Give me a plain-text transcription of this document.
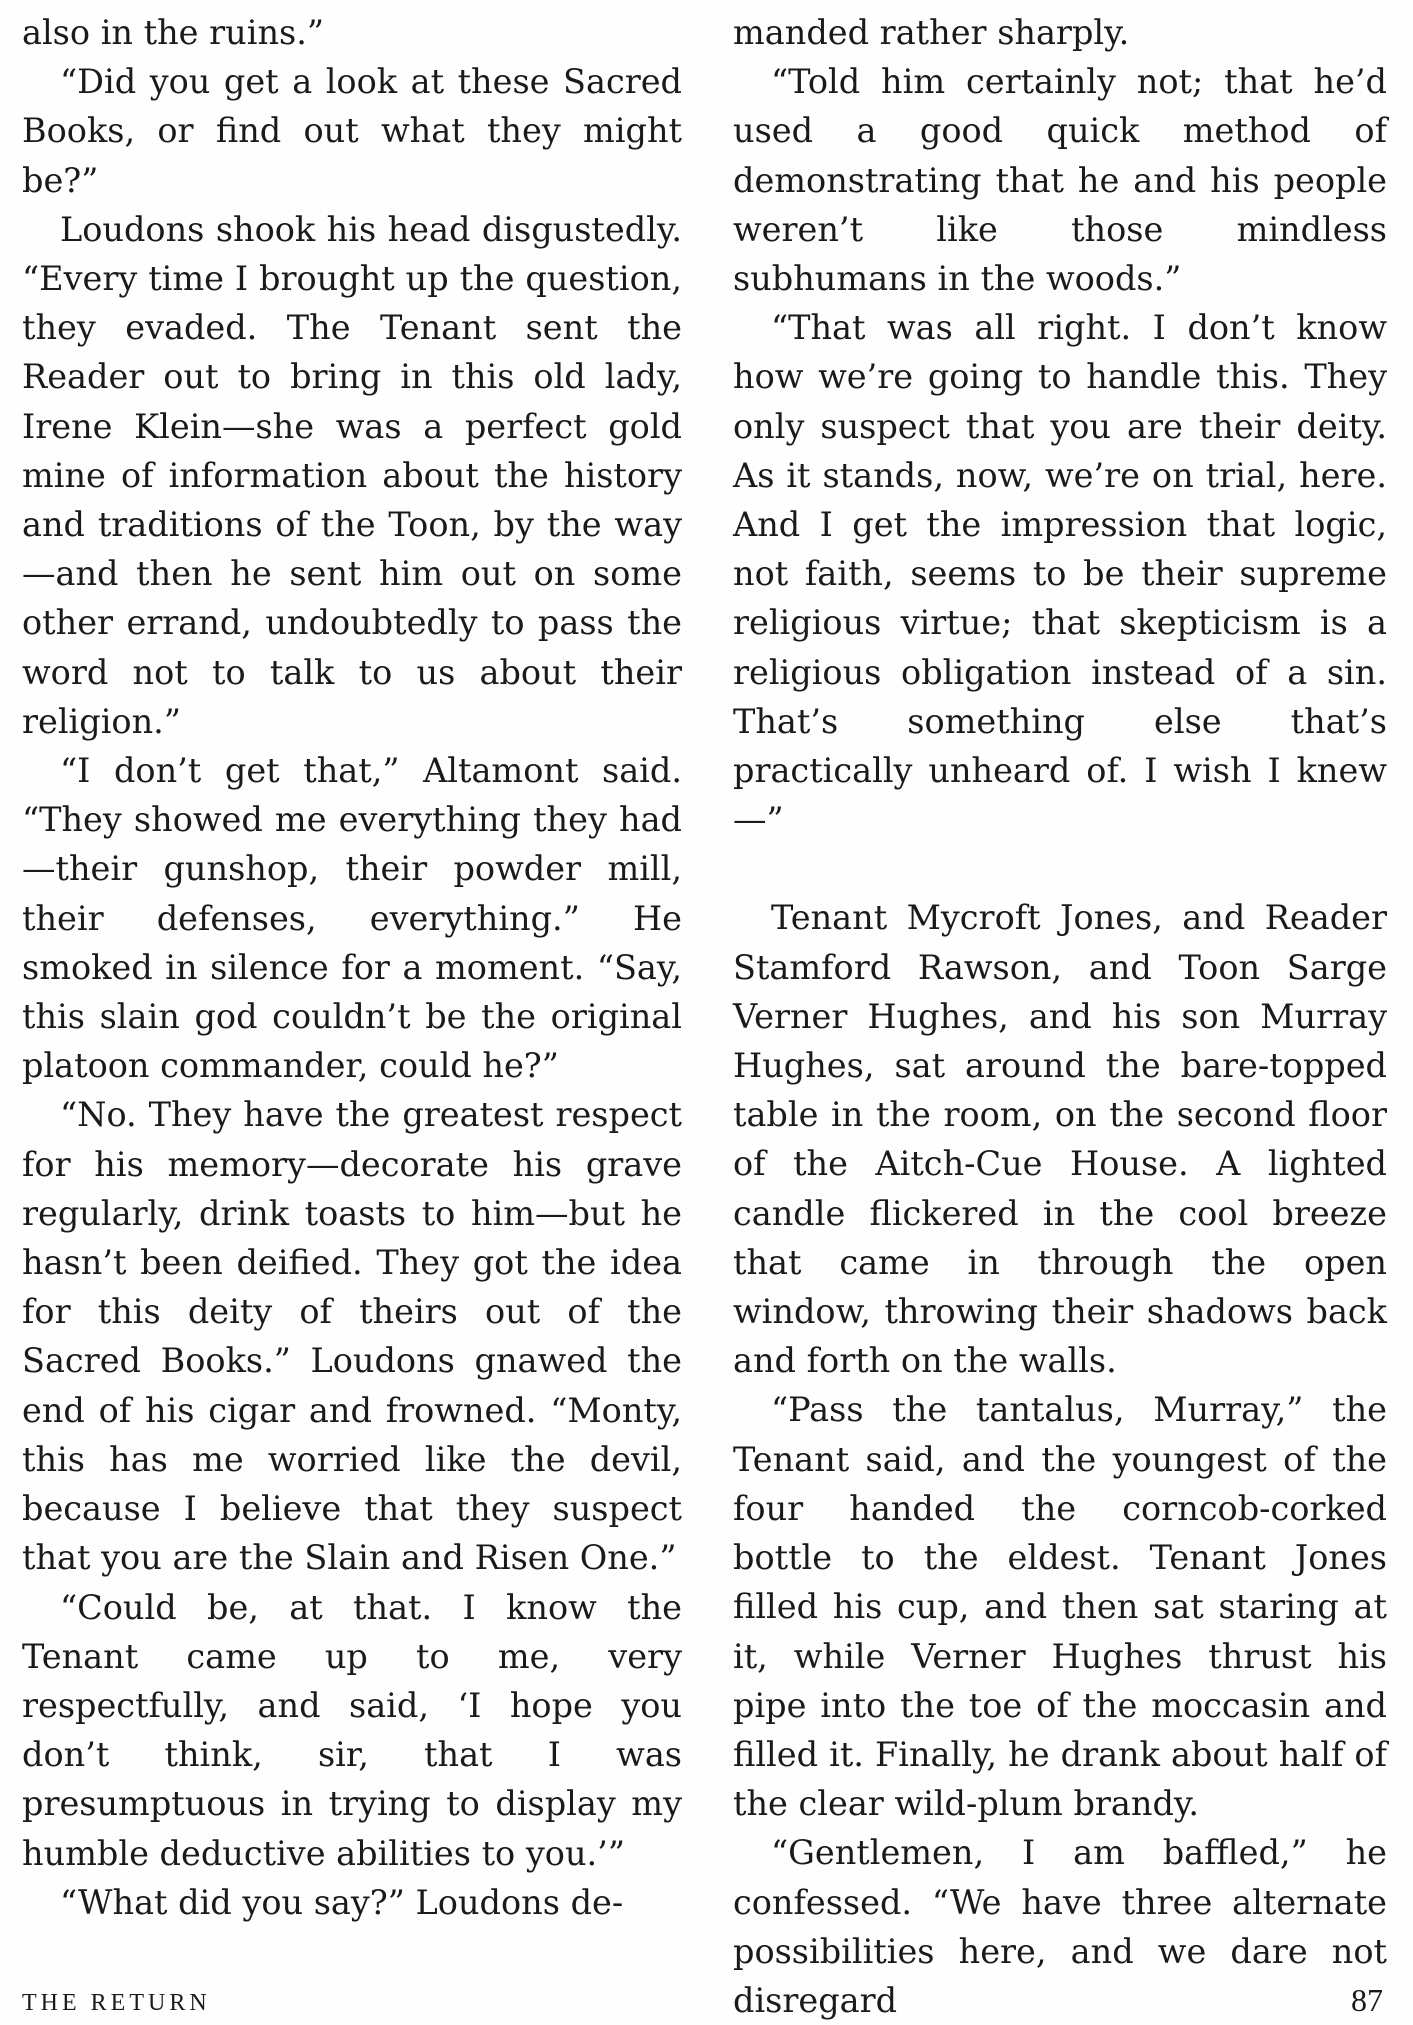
also in the ruins.”

“Did you get a look at these Sacred Books, or find out what they might be?”

Loudons shook his head disgustedly. “Every time I brought up the question, they evaded. The Tenant sent the Reader out to bring in this old lady, Irene Klein—she was a perfect gold mine of information about the history and traditions of the Toon, by the way—and then he sent him out on some other errand, undoubtedly to pass the word not to talk to us about their religion.”

“I don’t get that,” Altamont said. “They showed me everything they had—their gunshop, their powder mill, their defenses, everything.” He smoked in silence for a moment. “Say, this slain god couldn’t be the original platoon commander, could he?”

“No. They have the greatest respect for his memory—decorate his grave regularly, drink toasts to him—but he hasn’t been deified. They got the idea for this deity of theirs out of the Sacred Books.” Loudons gnawed the end of his cigar and frowned. “Monty, this has me worried like the devil, because I believe that they suspect that you are the Slain and Risen One.”

“Could be, at that. I know the Tenant came up to me, very respectfully, and said, ‘I hope you don’t think, sir, that I was presumptuous in trying to display my humble deductive abilities to you.’”

“What did you say?” Loudons de-

manded rather sharply.

“Told him certainly not; that he’d used a good quick method of demonstrating that he and his people weren’t like those mindless subhumans in the woods.”

“That was all right. I don’t know how we’re going to handle this. They only suspect that you are their deity. As it stands, now, we’re on trial, here. And I get the impression that logic, not faith, seems to be their supreme religious virtue; that skepticism is a religious obligation instead of a sin. That’s something else that’s practically unheard of. I wish I knew—”

Tenant Mycroft Jones, and Reader Stamford Rawson, and Toon Sarge Verner Hughes, and his son Murray Hughes, sat around the bare-topped table in the room, on the second floor of the Aitch-Cue House. A lighted candle flickered in the cool breeze that came in through the open window, throwing their shadows back and forth on the walls.

“Pass the tantalus, Murray,” the Tenant said, and the youngest of the four handed the corncob-corked bottle to the eldest. Tenant Jones filled his cup, and then sat staring at it, while Verner Hughes thrust his pipe into the toe of the moccasin and filled it. Finally, he drank about half of the clear wild-plum brandy.

“Gentlemen, I am baffled,” he confessed. “We have three alternate possibilities here, and we dare not disregard

THE RETURN	87
